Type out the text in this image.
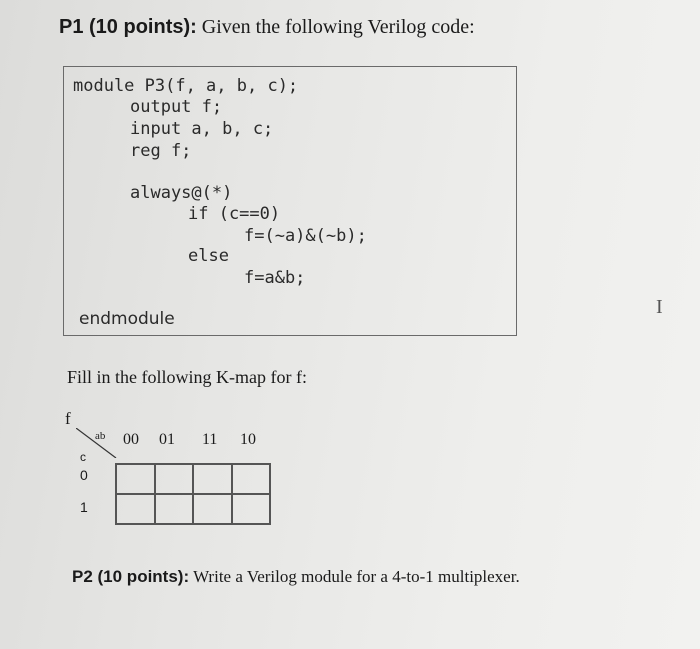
P1 (10 points): Given the following Verilog code:
module P3(f, a, b, c);
output f;
input a, b, c;
reg f;
always@(*)
if (c==0)
f=(~a)&(~b);
else
f=a&b;
endmodule
Fill in the following K-map for f:
f
ab 00 01 11 10
c
0
1
I
P2 (10 points): Write a Verilog module for a 4-to-1 multiplexer.
